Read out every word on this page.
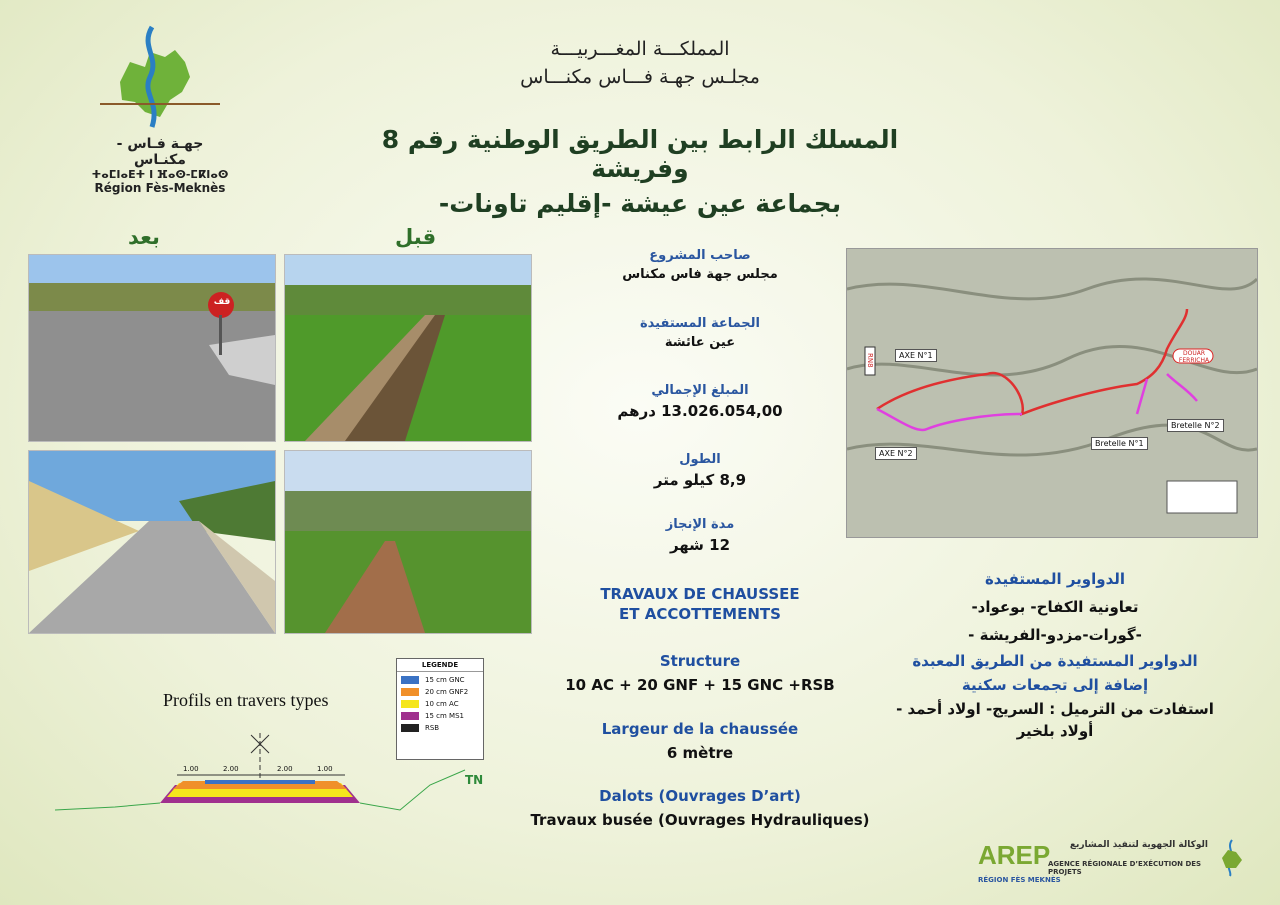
جهـة فـاس - مكنـاس
ⵜⴰⵎⵏⴰⴹⵜ ⵏ ⴼⴰⵙ-ⵎⴽⵏⴰⵙ
Région Fès-Meknès
المملكـــة المغـــربيـــة
مجلـس جهـة فـــاس مكنـــاس
المسلك الرابط بين الطريق الوطنية رقم 8 وفريشة
بجماعة عين عيشة -إقليم تاونات-
بعد	قبل
قف
صاحب المشروع
مجلس جهة فاس مكناس
الجماعة المستفيدة
عين عائشة
المبلغ الإجمالي
13.026.054,00 درهم
الطول
8,9 كيلو متر
مدة الإنجاز
12 شهر
TRAVAUX DE CHAUSSEE
ET ACCOTTEMENTS
Structure
10 AC + 20 GNF + 15 GNC +RSB
Largeur de la chaussée
6 mètre
Dalots (Ouvrages D’art)
Travaux busée (Ouvrages Hydrauliques)
RN8	AXE N°1
AXE N°2
Bretelle N°1
Bretelle N°2
DOUAR FERRICHA
الدواوير المستفيدة
تعاونية الكفاح- بوعواد-
-گورات-مزدو-الفريشة -
الدواوير المستفيدة من الطريق المعبدة
إضافة إلى تجمعات سكنية
استفادت من الترميل : السريج- اولاد أحمد -
أولاد بلخير
Profils en travers types
LEGENDE
15 cm GNC
20 cm GNF2
10 cm AC
15 cm MS1
RSB
1.00	2.00	2.00	1.00
TN
AREP	الوكالة الجهوية لتنفيذ المشاريع
AGENCE RÉGIONALE D’EXÉCUTION DES PROJETS
RÉGION FÈS MEKNÈS
